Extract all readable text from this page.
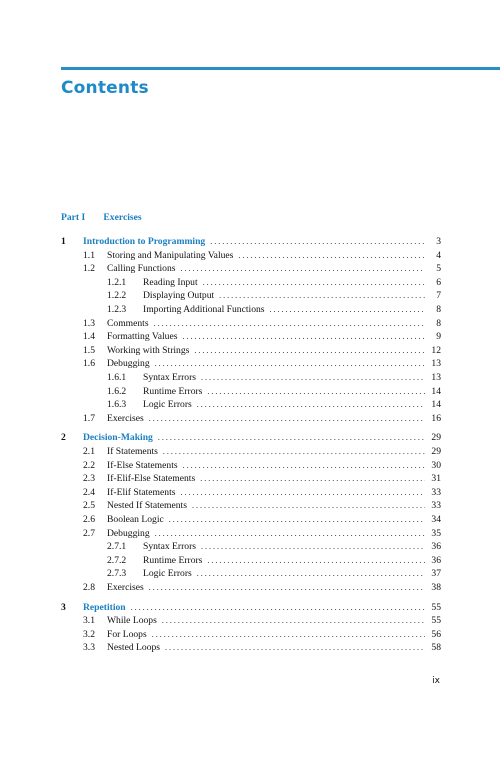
Contents
Part I Exercises
1	Introduction to Programming . . .	3
1.1	Storing and Manipulating Values . . .	4
1.2	Calling Functions . . .	5
1.2.1	Reading Input . . .	6
1.2.2	Displaying Output . . .	7
1.2.3	Importing Additional Functions . . .	8
1.3	Comments . . .	8
1.4	Formatting Values . . .	9
1.5	Working with Strings . . .	12
1.6	Debugging . . .	13
1.6.1	Syntax Errors . . .	13
1.6.2	Runtime Errors . . .	14
1.6.3	Logic Errors . . .	14
1.7	Exercises . . .	16
2	Decision-Making . . .	29
2.1	If Statements . . .	29
2.2	If-Else Statements . . .	30
2.3	If-Elif-Else Statements . . .	31
2.4	If-Elif Statements . . .	33
2.5	Nested If Statements . . .	33
2.6	Boolean Logic . . .	34
2.7	Debugging . . .	35
2.7.1	Syntax Errors . . .	36
2.7.2	Runtime Errors . . .	36
2.7.3	Logic Errors . . .	37
2.8	Exercises . . .	38
3	Repetition . . .	55
3.1	While Loops . . .	55
3.2	For Loops . . .	56
3.3	Nested Loops . . .	58
ix
